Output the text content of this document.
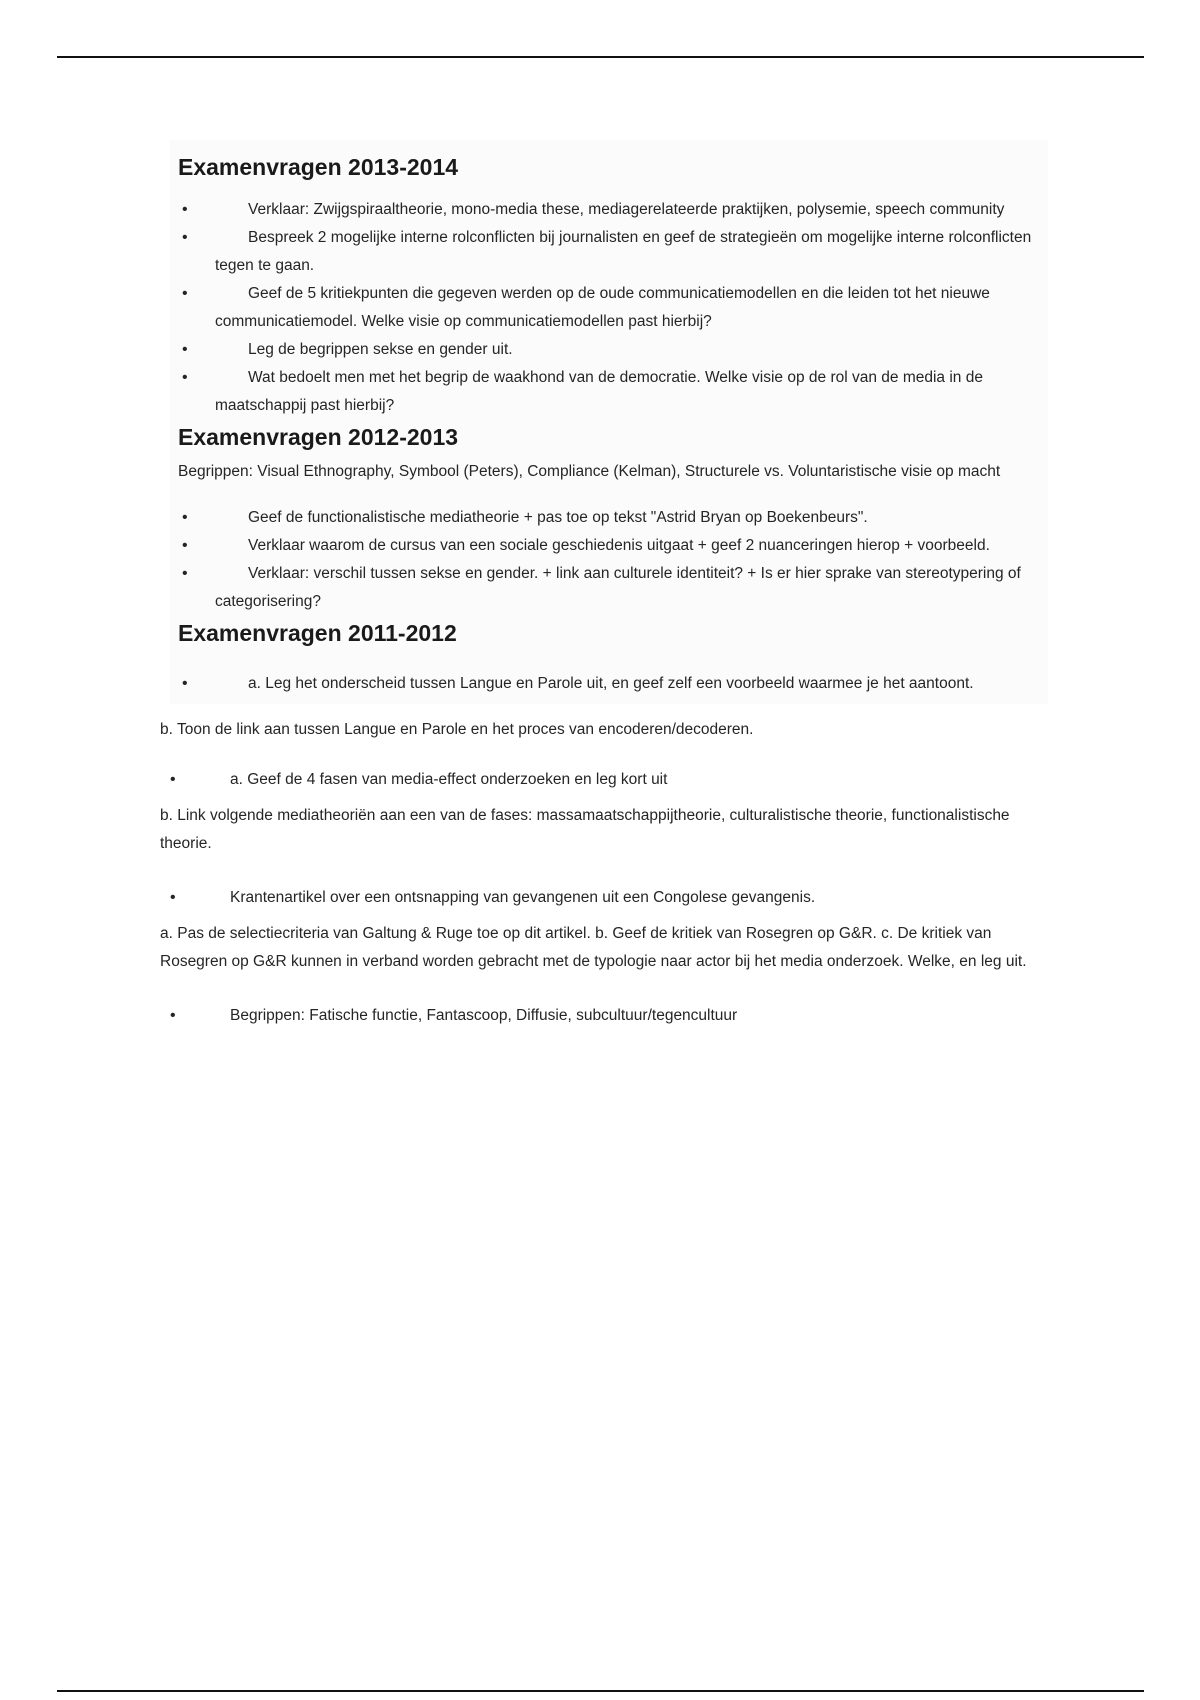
Examenvragen 2013-2014
•	Verklaar: Zwijgspiraaltheorie, mono-media these, mediagerelateerde praktijken, polysemie, speech community
•	Bespreek 2 mogelijke interne rolconflicten bij journalisten en geef de strategieën om mogelijke interne rolconflicten tegen te gaan.
•	Geef de 5 kritiekpunten die gegeven werden op de oude communicatiemodellen en die leiden tot het nieuwe communicatiemodel. Welke visie op communicatiemodellen past hierbij?
•	Leg de begrippen sekse en gender uit.
•	Wat bedoelt men met het begrip de waakhond van de democratie. Welke visie op de rol van de media in de maatschappij past hierbij?
Examenvragen 2012-2013

Begrippen: Visual Ethnography, Symbool (Peters), Compliance (Kelman), Structurele vs. Voluntaristische visie op macht

•	Geef de functionalistische mediatheorie + pas toe op tekst "Astrid Bryan op Boekenbeurs".
•	Verklaar waarom de cursus van een sociale geschiedenis uitgaat + geef 2 nuanceringen hierop + voorbeeld.
•	Verklaar: verschil tussen sekse en gender. + link aan culturele identiteit? + Is er hier sprake van stereotypering of categorisering?
Examenvragen 2011-2012
•	a. Leg het onderscheid tussen Langue en Parole uit, en geef zelf een voorbeeld waarmee je het aantoont.

b. Toon de link aan tussen Langue en Parole en het proces van encoderen/decoderen.

•	a. Geef de 4 fasen van media-effect onderzoeken en leg kort uit

b. Link volgende mediatheoriën aan een van de fases: massamaatschappijtheorie, culturalistische theorie, functionalistische theorie.

•	Krantenartikel over een ontsnapping van gevangenen uit een Congolese gevangenis.

a. Pas de selectiecriteria van Galtung & Ruge toe op dit artikel. b. Geef de kritiek van Rosegren op G&R. c. De kritiek van Rosegren op G&R kunnen in verband worden gebracht met de typologie naar actor bij het media onderzoek. Welke, en leg uit.

•	Begrippen: Fatische functie, Fantascoop, Diffusie, subcultuur/tegencultuur
